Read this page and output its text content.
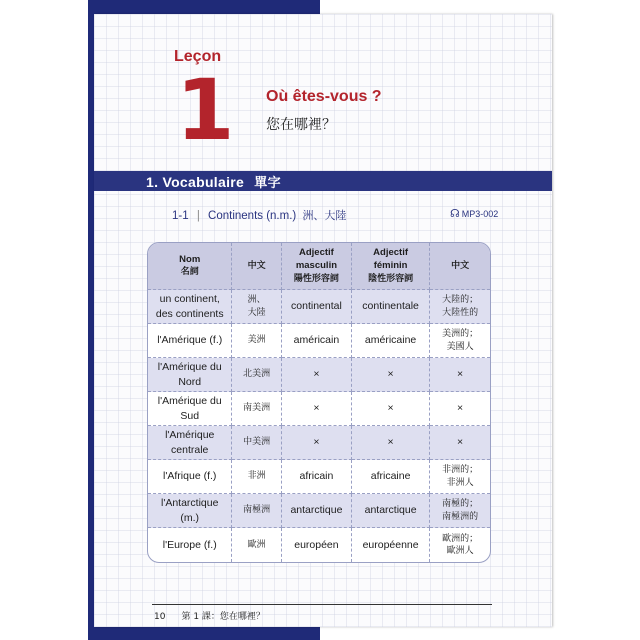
Leçon
1 Où êtes-vous ?
您在哪裡？
1. Vocabulaire 單字
1-1 | Continents (n.m.) 洲、大陸	☊ MP3-002
Nom
名詞	中文	Adjectif
masculin
陽性形容詞	Adjectif
féminin
陰性形容詞	中文

un continent,
des continents	洲、
大陸	continental	continentale	大陸的；
大陸性的

l'Amérique (f.)	美洲	américain	américaine	美洲的；
美國人

l'Amérique du
Nord	北美洲	×	×	×

l'Amérique du
Sud	南美洲	×	×	×

l'Amérique
centrale	中美洲	×	×	×

l'Afrique (f.)	非洲	africain	africaine	非洲的；
非洲人

l'Antarctique
(m.)	南極洲	antarctique	antarctique	南極的；
南極洲的

l'Europe (f.)	歐洲	européen	européenne	歐洲的；
歐洲人
10 第 1 課：您在哪裡？
